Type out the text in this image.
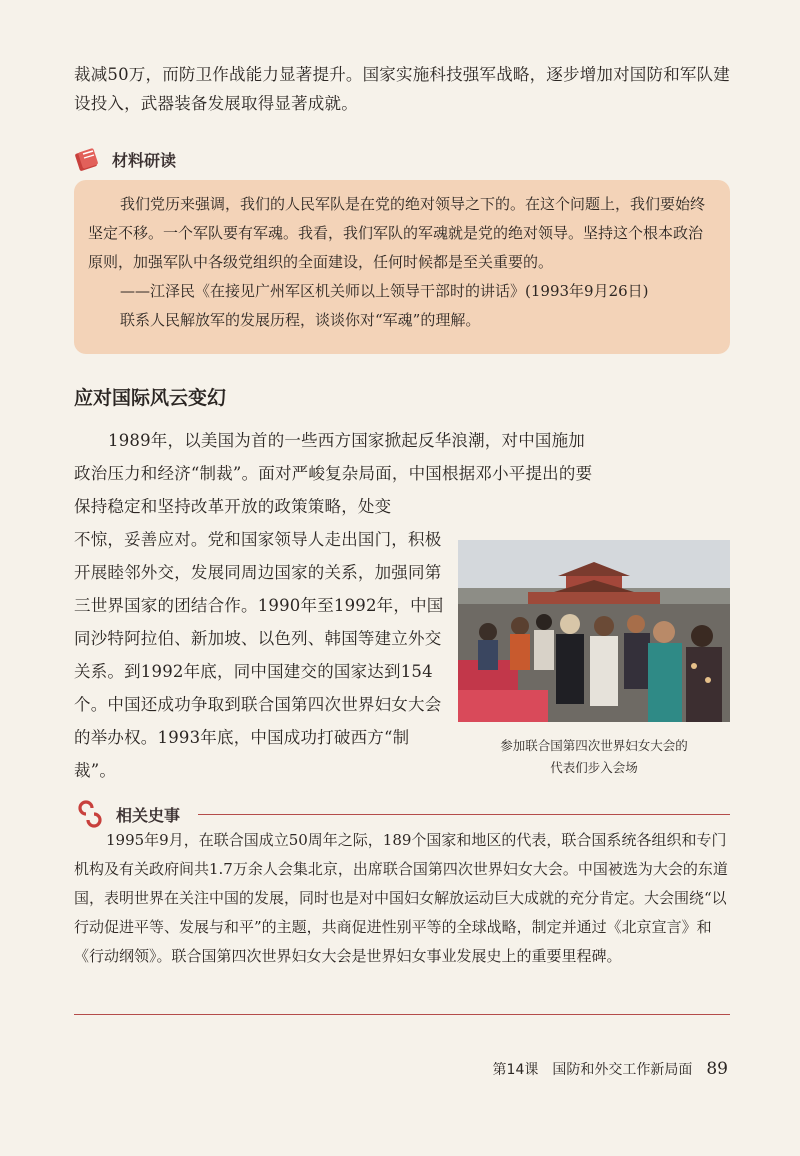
裁减50万，而防卫作战能力显著提升。国家实施科技强军战略，逐步增加对国防和军队建设投入，武器装备发展取得显著成就。

材料研读

我们党历来强调，我们的人民军队是在党的绝对领导之下的。在这个问题上，我们要始终坚定不移。一个军队要有军魂。我看，我们军队的军魂就是党的绝对领导。坚持这个根本政治原则，加强军队中各级党组织的全面建设，任何时候都是至关重要的。

——江泽民《在接见广州军区机关师以上领导干部时的讲话》(1993年9月26日)

联系人民解放军的发展历程，谈谈你对“军魂”的理解。

应对国际风云变幻

1989年，以美国为首的一些西方国家掀起反华浪潮，对中国施加政治压力和经济“制裁”。面对严峻复杂局面，中国根据邓小平提出的要保持稳定和坚持改革开放的政策策略，处变

不惊，妥善应对。党和国家领导人走出国门，积极开展睦邻外交，发展同周边国家的关系，加强同第三世界国家的团结合作。1990年至1992年，中国同沙特阿拉伯、新加坡、以色列、韩国等建立外交关系。到1992年底，同中国建交的国家达到154个。中国还成功争取到联合国第四次世界妇女大会的举办权。1993年底，中国成功打破西方“制裁”。

参加联合国第四次世界妇女大会的
代表们步入会场
相关史事

1995年9月，在联合国成立50周年之际，189个国家和地区的代表，联合国系统各组织和专门机构及有关政府间共1.7万余人会集北京，出席联合国第四次世界妇女大会。中国被选为大会的东道国，表明世界在关注中国的发展，同时也是对中国妇女解放运动巨大成就的充分肯定。大会围绕“以行动促进平等、发展与和平”的主题，共商促进性别平等的全球战略，制定并通过《北京宣言》和《行动纲领》。联合国第四次世界妇女大会是世界妇女事业发展史上的重要里程碑。

第14课 国防和外交工作新局面 89
